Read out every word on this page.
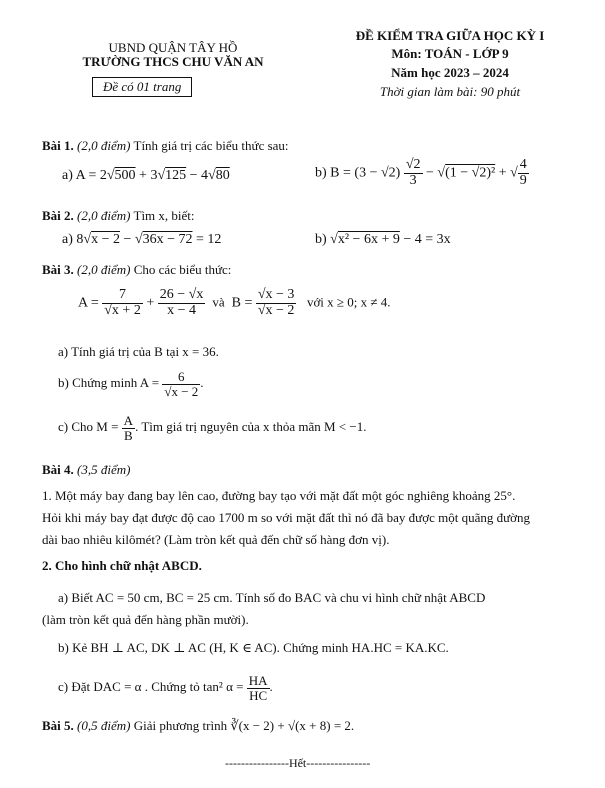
UBND QUẬN TÂY HỒ
TRƯỜNG THCS CHU VĂN AN
Đề có 01 trang
ĐỀ KIỂM TRA GIỮA HỌC KỲ I
Môn: TOÁN - LỚP 9
Năm học 2023 – 2024
Thời gian làm bài: 90 phút
Bài 1. (2,0 điểm) Tính giá trị các biểu thức sau:
a) A = 2√500 + 3√125 − 4√80	b) $B = (3 - √2) \frac{√2}{3} - √(1 - √2)^2$ + √ $\frac{4}{9}$
Bài 2. (2,0 điểm) Tìm x, biết:
a) 8√x − 2 − √36x − 72 = 12	b) √x² − 6x + 9 − 4 = 3x
Bài 3. (2,0 điểm) Cho các biểu thức:
$A = \frac{7}{√x + 2} + \frac{26 - √x}{x - 4}$ và  $B = \frac{√x - 3}{√x - 2}$ với x ≥ 0; x ≠ 4.
a) Tính giá trị của B tại x = 36.
b) Chứng minh $A = \frac{6}{√x - 2}$ .
c) Cho $M = \frac{A}{B}$ . Tìm giá trị nguyên của x thỏa mãn M < −1.
Bài 4. (3,5 điểm)
1. Một máy bay đang bay lên cao, đường bay tạo với mặt đất một góc nghiêng khoảng 25°.
Hỏi khi máy bay đạt được độ cao 1700 m so với mặt đất thì nó đã bay được một quãng đường
dài bao nhiêu kilômét? (Làm tròn kết quả đến chữ số hàng đơn vị).
2. Cho hình chữ nhật ABCD.
a) Biết AC = 50 cm, BC = 25 cm. Tính số đo BAC và chu vi hình chữ nhật ABCD
(làm tròn kết quả đến hàng phần mười).
b) Kẻ BH ⊥ AC, DK ⊥ AC (H, K ∈ AC). Chứng minh HA.HC = KA.KC.
c) Đặt DAC = α . Chứng tỏ tan² $\alpha = \frac{HA}{HC}$ .
Bài 5. (0,5 điểm) Giải phương trình ∛(x − 2) + √(x + 8) = 2.
----------------Hết----------------
